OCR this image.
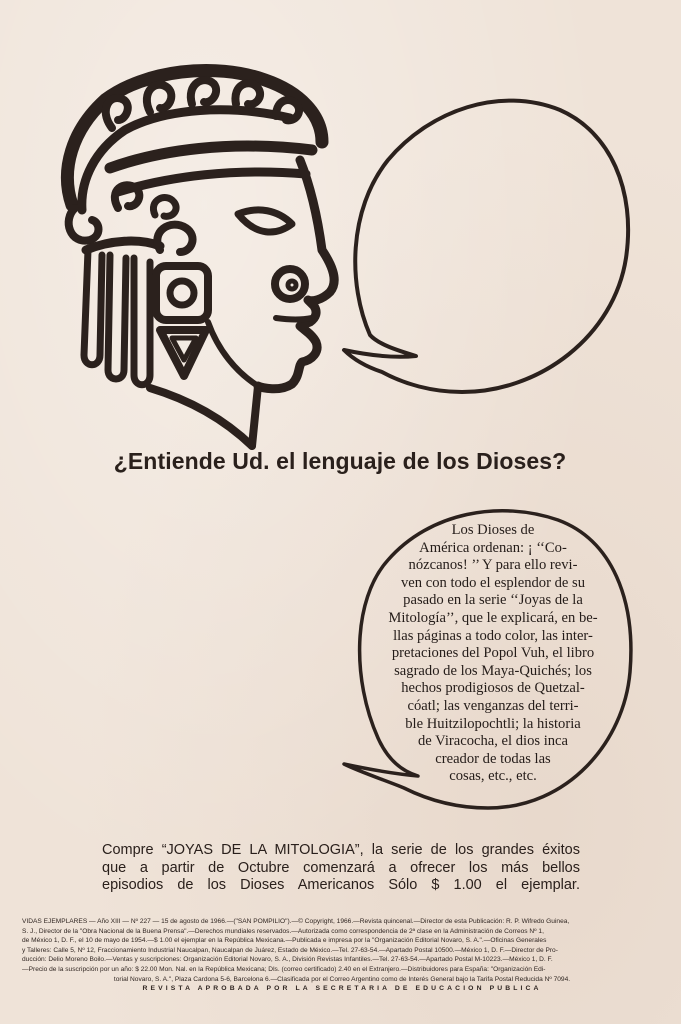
¿Entiende Ud. el lenguaje de los Dioses?
Los Dioses de
América ordenan: ¡ ‘‘Co-
nózcanos! ’’ Y para ello revi-
ven con todo el esplendor de su
pasado en la serie ‘‘Joyas de la
Mitología’’, que le explicará, en be-
llas páginas a todo color, las inter-
pretaciones del Popol Vuh, el libro
sagrado de los Maya-Quichés; los
hechos prodigiosos de Quetzal-
cóatl; las venganzas del terri-
ble Huitzilopochtli; la historia
de Viracocha, el dios inca
creador de todas las
cosas, etc., etc.
Compre “JOYAS DE LA MITOLOGIA”, la serie de los grandes éxitos
que a partir de Octubre comenzará a ofrecer los más bellos
episodios de los Dioses Americanos Sólo $ 1.00 el ejemplar.
VIDAS EJEMPLARES — Año XIII — Nº 227 — 15 de agosto de 1966.—("SAN POMPILIO").—© Copyright, 1966.—Revista quincenal.—Director de esta Publicación: R. P. Wifredo Guinea,
S. J., Director de la "Obra Nacional de la Buena Prensa".—Derechos mundiales reservados.—Autorizada como correspondencia de 2ª clase en la Administración de Correos Nº 1,
de México 1, D. F., el 10 de mayo de 1954.—$ 1.00 el ejemplar en la República Mexicana.—Publicada e impresa por la "Organización Editorial Novaro, S. A.".—Oficinas Generales
y Talleres: Calle 5, Nº 12, Fraccionamiento Industrial Naucalpan, Naucalpan de Juárez, Estado de México.—Tel. 27-63-54.—Apartado Postal 10500.—México 1, D. F.—Director de Pro-
ducción: Delio Moreno Boilo.—Ventas y suscripciones: Organización Editorial Novaro, S. A., División Revistas Infantiles.—Tel. 27-63-54.—Apartado Postal M-10223.—México 1, D. F.
—Precio de la suscripción por un año: $ 22.00 Mon. Nal. en la República Mexicana; Dls. (correo certificado) 2.40 en el Extranjero.—Distribuidores para España: "Organización Edi-
torial Novaro, S. A.", Plaza Cardona 5-6, Barcelona 6.—Clasificada por el Correo Argentino como de Interés General bajo la Tarifa Postal Reducida Nº 7094.
REVISTA APROBADA POR LA SECRETARIA DE EDUCACION PUBLICA
